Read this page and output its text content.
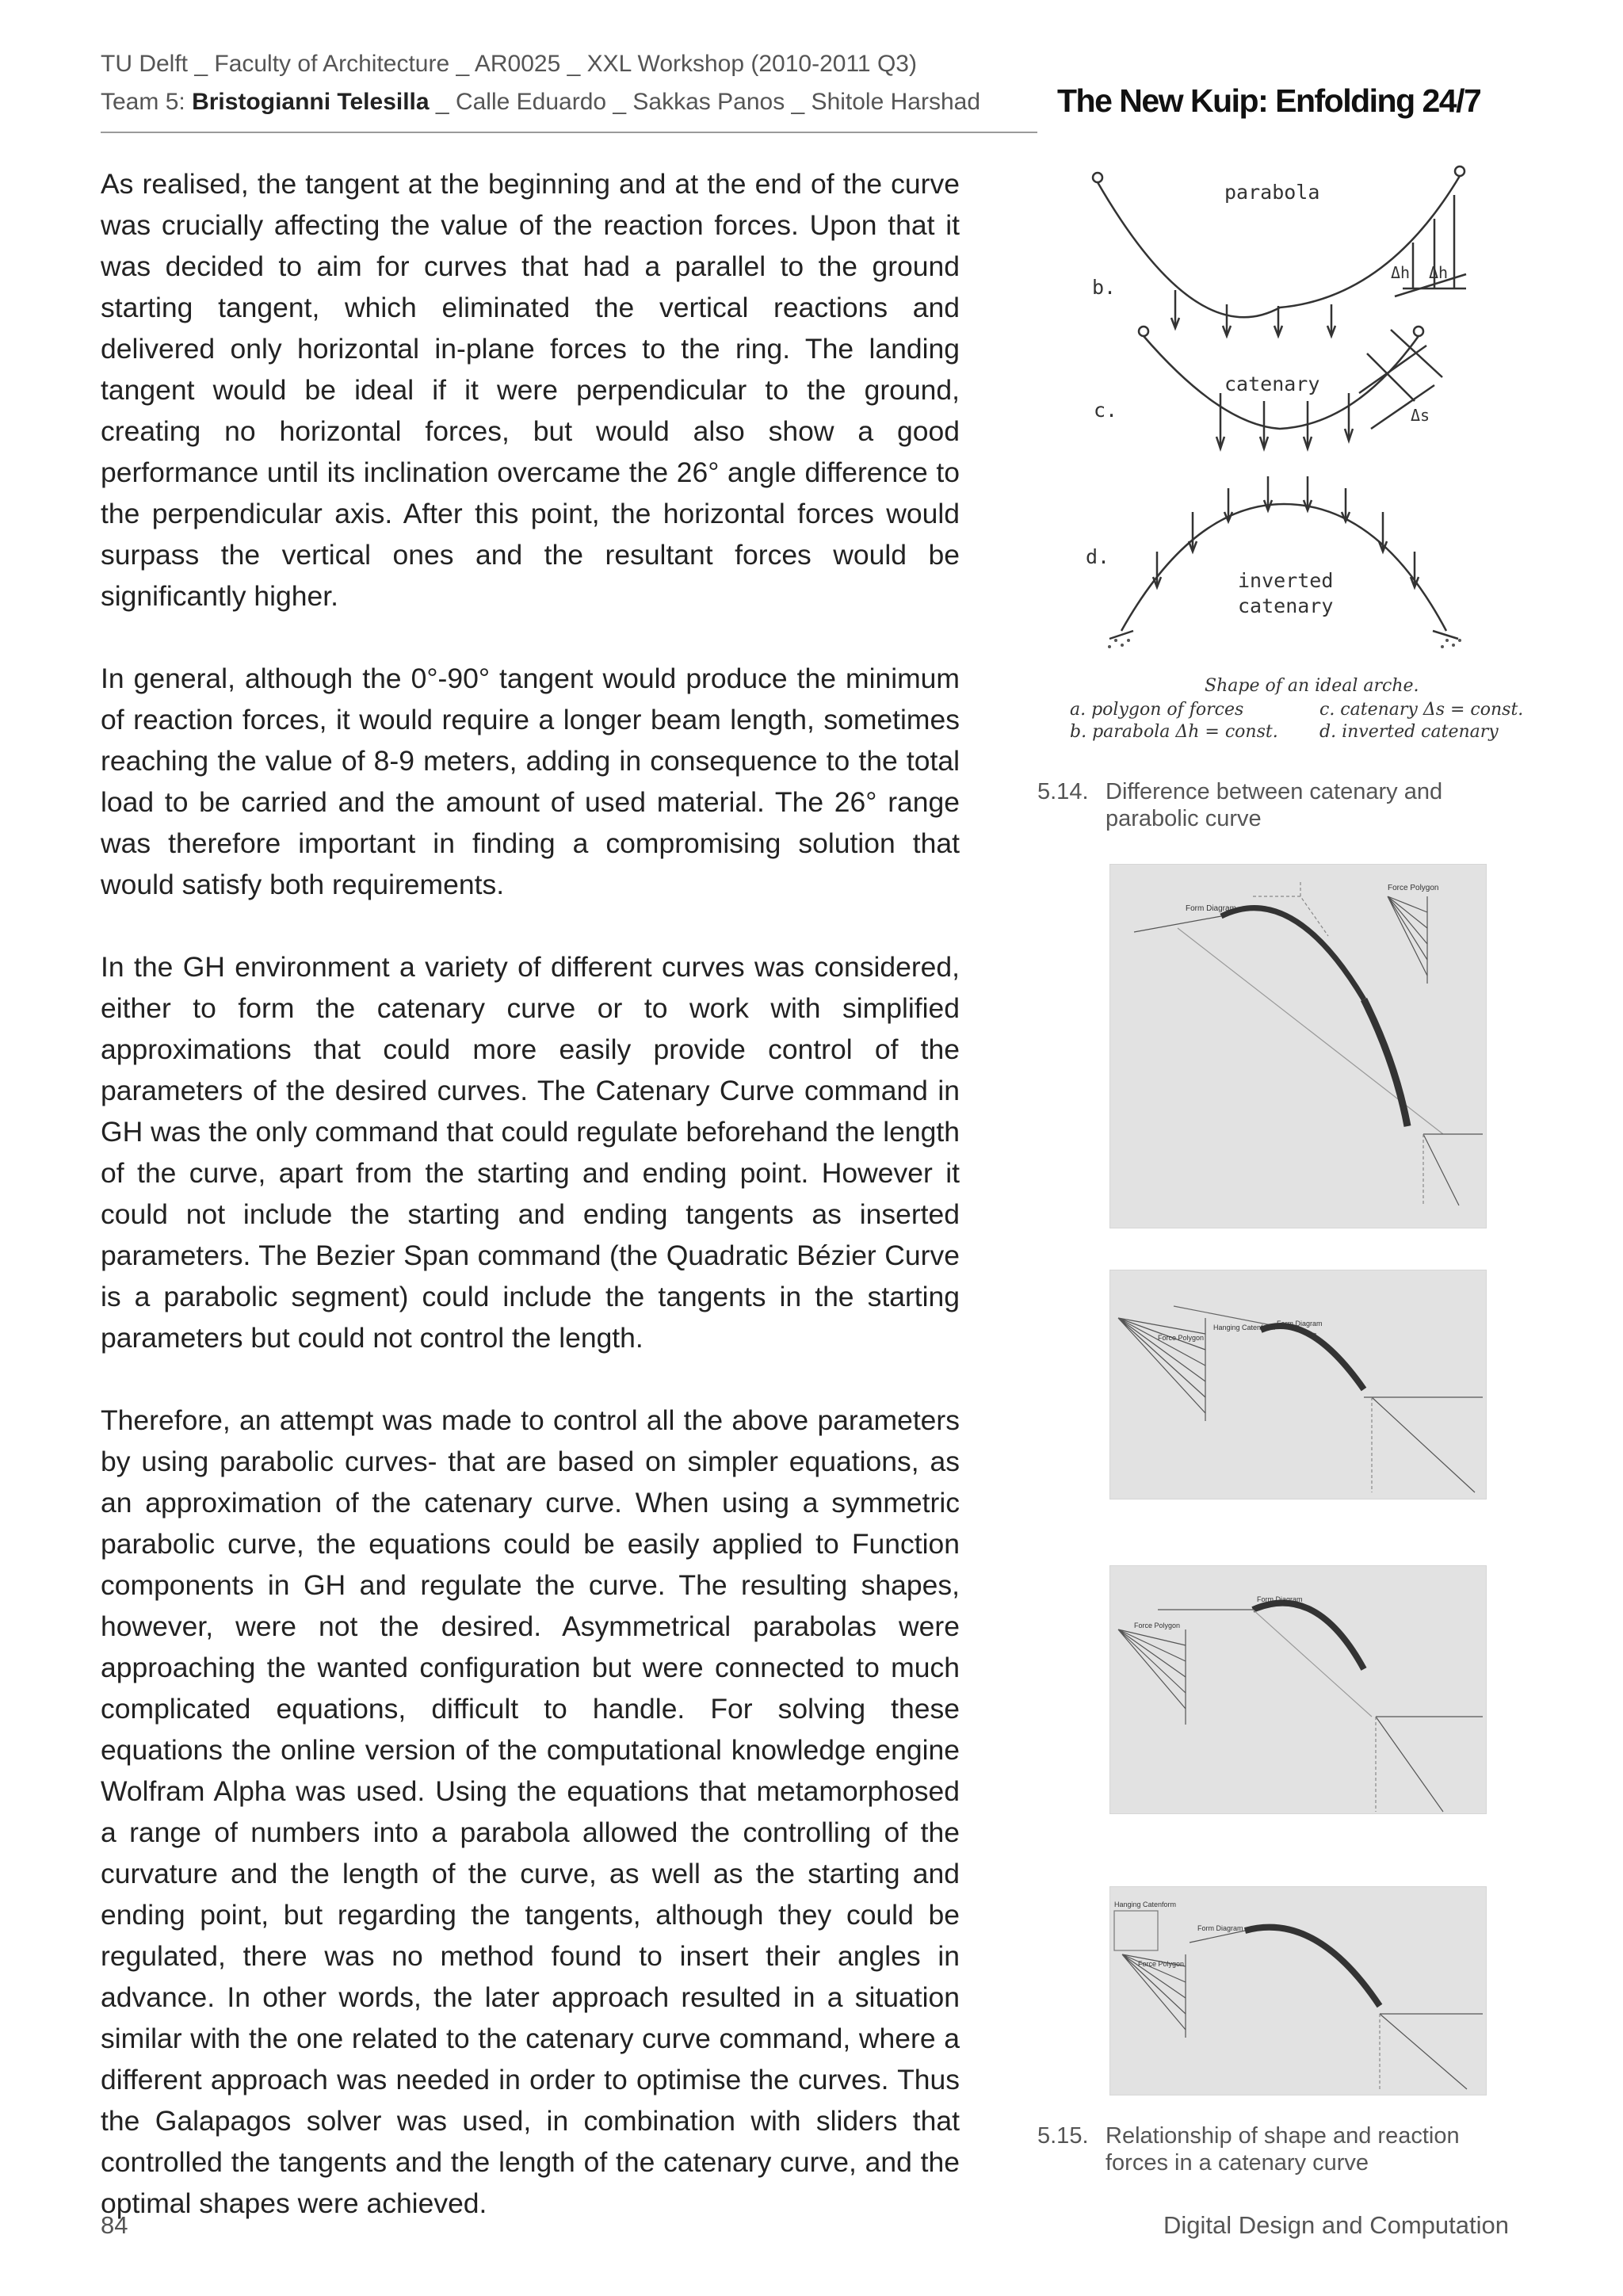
TU Delft _ Faculty of Architecture _ AR0025 _ XXL Workshop (2010-2011 Q3)
Team 5: Bristogianni Telesilla _ Calle Eduardo _ Sakkas Panos _ Shitole Harshad The New Kuip: Enfolding 24/7

As realised, the tangent at the beginning and at the end of the curve was crucially affecting the value of the reaction forces. Upon that it was decided to aim for curves that had a parallel to the ground starting tangent, which eliminated the vertical reactions and delivered only horizontal in-plane forces to the ring. The landing tangent would be ideal if it were perpendicular to the ground, creating no horizontal forces, but would also show a good performance until its inclination overcame the 26° angle difference to the perpendicular axis. After this point, the horizontal forces would surpass the vertical ones and the resultant forces would be significantly higher.

In general, although the 0°-90° tangent would produce the minimum of reaction forces, it would require a longer beam length, sometimes reaching the value of 8-9 meters, adding in consequence to the total load to be carried and the amount of used material. The 26° range was therefore important in finding a compromising solution that would satisfy both requirements.

In the GH environment a variety of different curves was considered, either to form the catenary curve or to work with simplified approximations that could more easily provide control of the parameters of the desired curves. The Catenary Curve command in GH was the only command that could regulate beforehand the length of the curve, apart from the starting and ending point. However it could not include the starting and ending tangents as inserted parameters. The Bezier Span command (the Quadratic Bézier Curve is a parabolic segment) could include the tangents in the starting parameters but could not control the length.

Therefore, an attempt was made to control all the above parameters by using parabolic curves- that are based on simpler equations, as an approximation of the catenary curve. When using a symmetric parabolic curve, the equations could be easily applied to Function components in GH and regulate the curve. The resulting shapes, however, were not the desired. Asymmetrical parabolas were approaching the wanted configuration but were connected to much complicated equations, difficult to handle. For solving these equations the online version of the computational knowledge engine Wolfram Alpha was used. Using the equations that metamorphosed a range of numbers into a parabola allowed the controlling of the curvature and the length of the curve, as well as the starting and ending point, but regarding the tangents, although they could be regulated, there was no method found to insert their angles in advance. In other words, the later approach resulted in a situation similar with the one related to the catenary curve command, where a different approach was needed in order to optimise the curves. Thus the Galapagos solver was used, in combination with sliders that controlled the tangents and the length of the catenary curve, and the optimal shapes were achieved.

parabola
b.
Δh Δh
catenary
c.	Δs
d.
inverted
catenary
Shape of an ideal arche.
a. polygon of forces	c. catenary Δs = const.
b. parabola Δh = const. d. inverted catenary
5.14. Difference between catenary and parabolic curve
Form Diagram
Force Polygon
Hanging Catenform Form Diagram
Force Polygon
Form Diagram
Force Polygon
Hanging Catenform
Form Diagram
Force Polygon
5.15. Relationship of shape and reaction forces in a catenary curve
84	Digital Design and Computation
